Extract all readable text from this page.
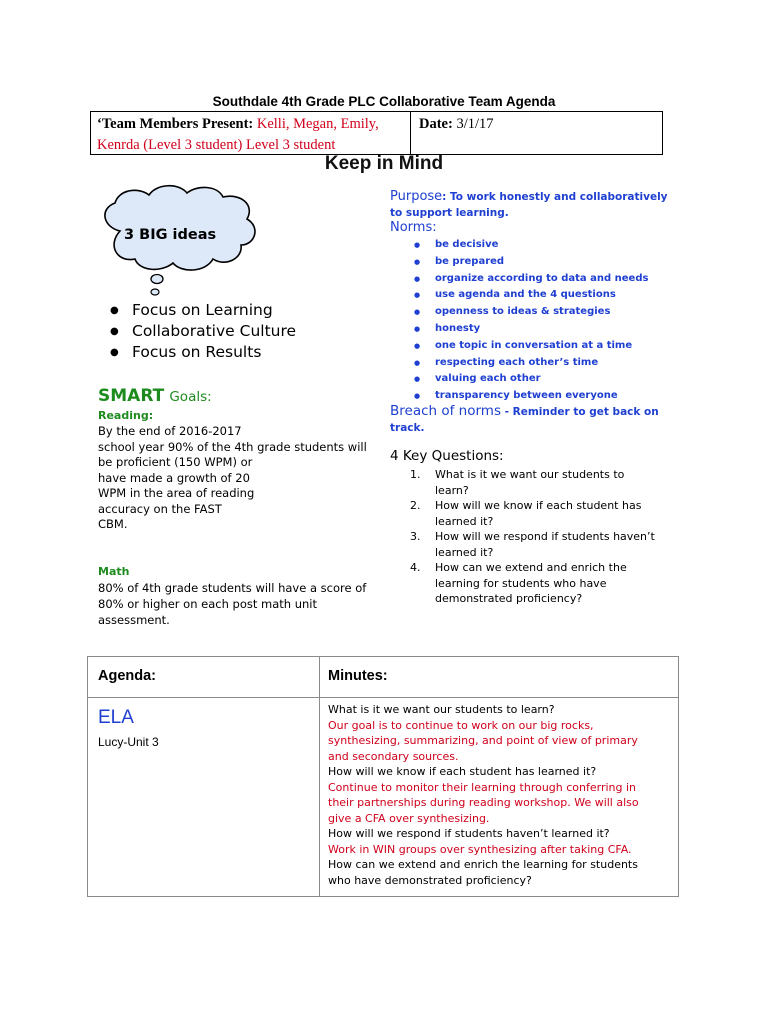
Southdale 4th Grade PLC Collaborative Team Agenda
‘Team Members Present: Kelli, Megan, Emily, Kenrda (Level 3 student) Level 3 student
Date: 3/1/17
Keep in Mind
3 BIG ideas
● Focus on Learning
● Collaborative Culture
● Focus on Results
SMART Goals:
Reading:
By the end of 2016-2017
school year 90% of the 4th grade students will
be proficient (150 WPM) or
have made a growth of 20
WPM in the area of reading
accuracy on the FAST
CBM.
Math
80% of 4th grade students will have a score of
80% or higher on each post math unit
assessment.
Purpose: To work honestly and collaboratively
to support learning.
Norms:
● be decisive
● be prepared
● organize according to data and needs
● use agenda and the 4 questions
● openness to ideas & strategies
● honesty
● one topic in conversation at a time
● respecting each other’s time
● valuing each other
● transparency between everyone
Breach of norms - Reminder to get back on
track.
4 Key Questions:
1. What is it we want our students to
learn?
2. How will we know if each student has
learned it?
3. How will we respond if students haven’t
learned it?
4. How can we extend and enrich the
learning for students who have
demonstrated proficiency?
Agenda:	Minutes:
ELA
Lucy-Unit 3
What is it we want our students to learn?
Our goal is to continue to work on our big rocks,
synthesizing, summarizing, and point of view of primary
and secondary sources.
How will we know if each student has learned it?
Continue to monitor their learning through conferring in
their partnerships during reading workshop. We will also
give a CFA over synthesizing.
How will we respond if students haven’t learned it?
Work in WIN groups over synthesizing after taking CFA.
How can we extend and enrich the learning for students
who have demonstrated proficiency?
